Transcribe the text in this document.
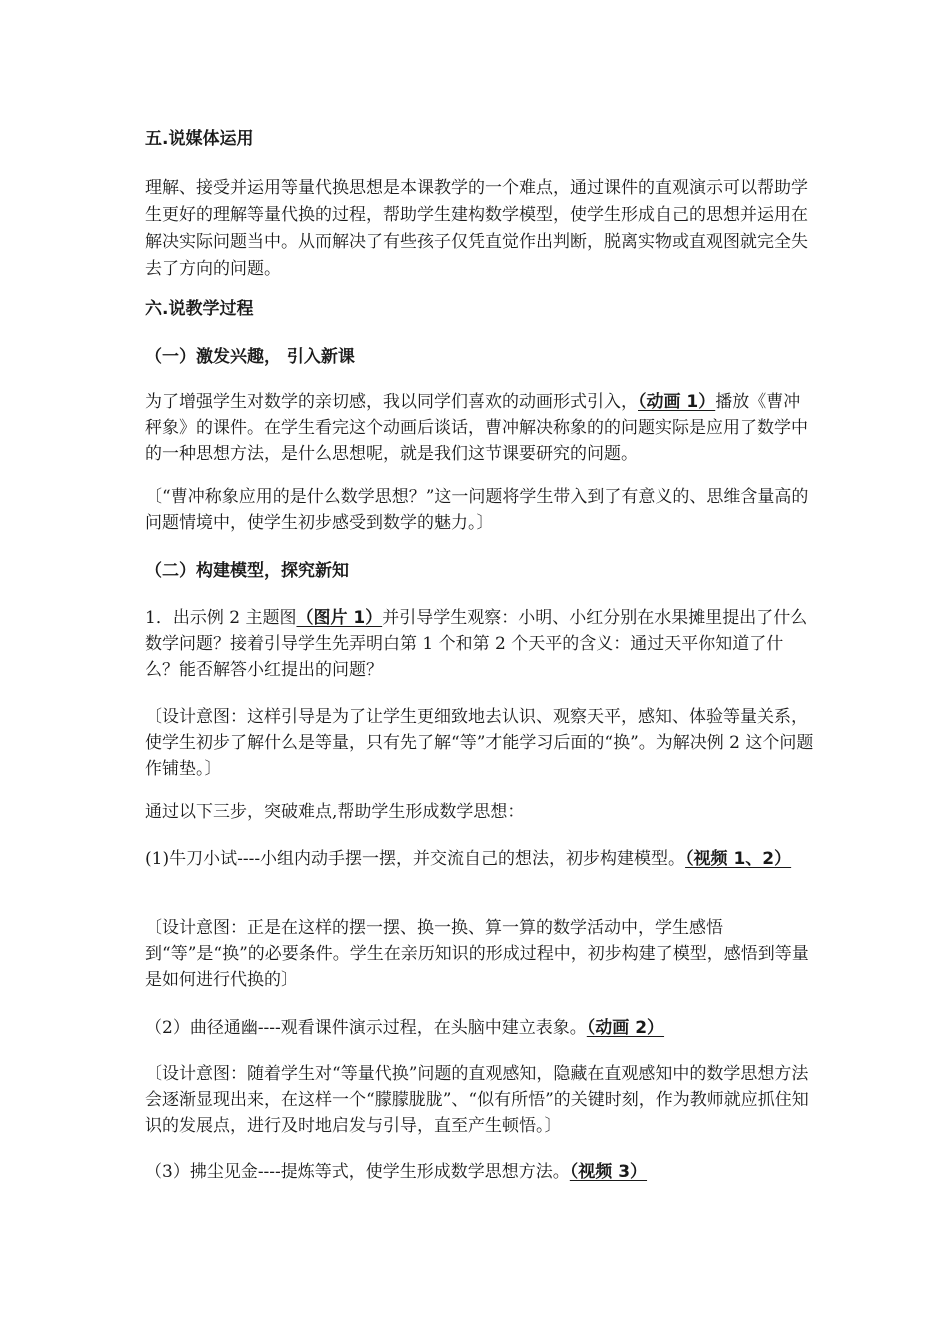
五.说媒体运用

理解、接受并运用等量代换思想是本课教学的一个难点，通过课件的直观演示可以帮助学生更好的理解等量代换的过程，帮助学生建构数学模型，使学生形成自己的思想并运用在解决实际问题当中。从而解决了有些孩子仅凭直觉作出判断，脱离实物或直观图就完全失去了方向的问题。

六.说教学过程

（一）激发兴趣， 引入新课

为了增强学生对数学的亲切感，我以同学们喜欢的动画形式引入，（动画 1）播放《曹冲秤象》的课件。在学生看完这个动画后谈话，曹冲解决称象的的问题实际是应用了数学中的一种思想方法，是什么思想呢，就是我们这节课要研究的问题。

〔“曹冲称象应用的是什么数学思想？”这一问题将学生带入到了有意义的、思维含量高的问题情境中，使学生初步感受到数学的魅力。〕

（二）构建模型，探究新知

1．出示例 2 主题图（图片 1）并引导学生观察：小明、小红分别在水果摊里提出了什么数学问题？接着引导学生先弄明白第 1 个和第 2 个天平的含义：通过天平你知道了什么？能否解答小红提出的问题？

〔设计意图：这样引导是为了让学生更细致地去认识、观察天平，感知、体验等量关系，使学生初步了解什么是等量，只有先了解“等”才能学习后面的“换”。为解决例 2 这个问题作铺垫。〕

通过以下三步，突破难点,帮助学生形成数学思想：

(1)牛刀小试----小组内动手摆一摆，并交流自己的想法，初步构建模型。（视频 1、2）

〔设计意图：正是在这样的摆一摆、换一换、算一算的数学活动中，学生感悟到“等”是“换”的必要条件。学生在亲历知识的形成过程中，初步构建了模型，感悟到等量是如何进行代换的〕

（2）曲径通幽----观看课件演示过程，在头脑中建立表象。（动画 2）

〔设计意图：随着学生对“等量代换”问题的直观感知，隐藏在直观感知中的数学思想方法会逐渐显现出来，在这样一个“朦朦胧胧”、“似有所悟”的关键时刻，作为教师就应抓住知识的发展点，进行及时地启发与引导，直至产生顿悟。〕

（3）拂尘见金----提炼等式，使学生形成数学思想方法。（视频 3）
